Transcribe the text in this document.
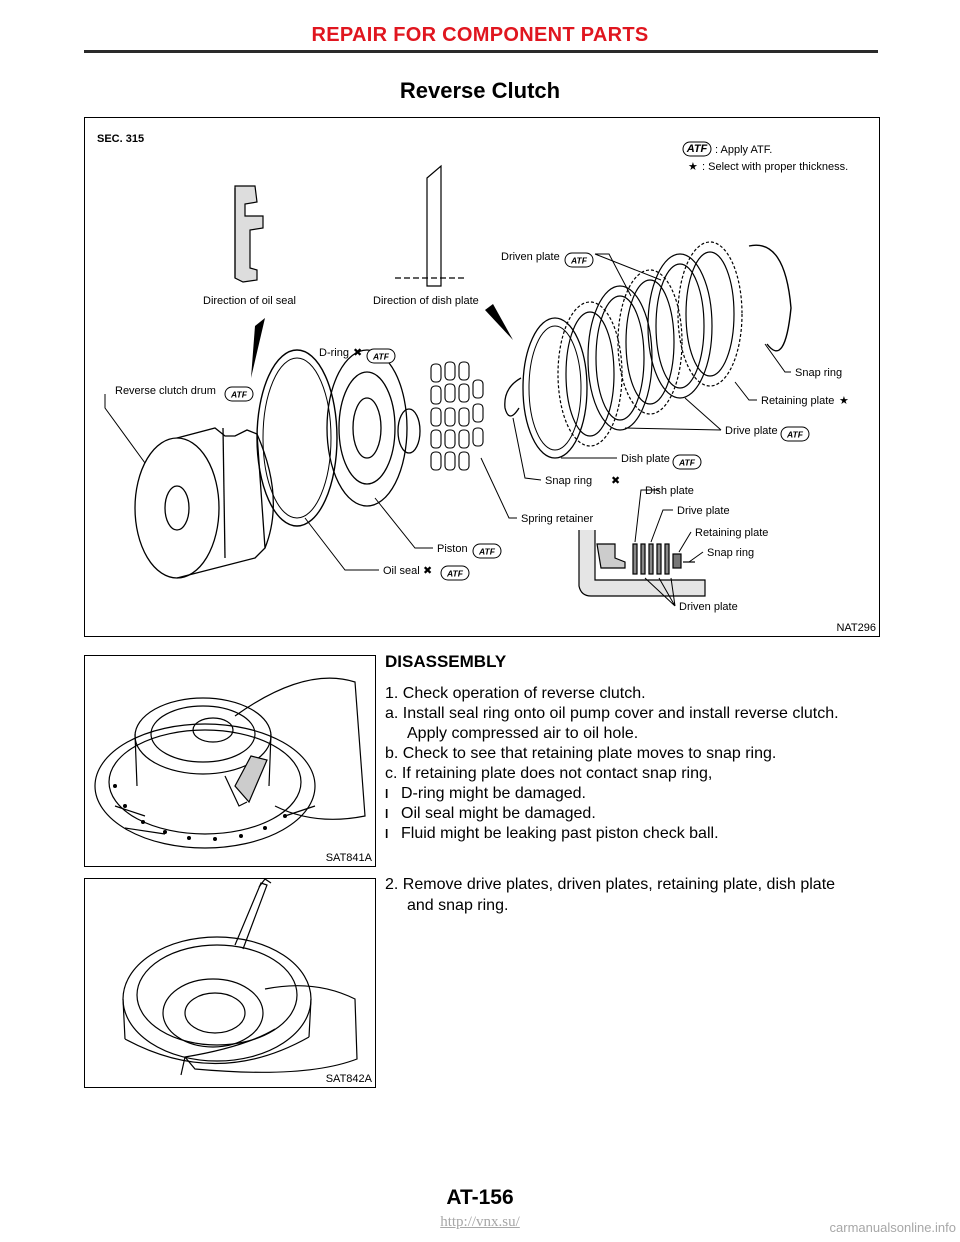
REPAIR FOR COMPONENT PARTS
Reverse Clutch
ATF
SEC. 315
ATF : Apply ATF.
★ : Select with proper thickness.
Direction of oil seal	Direction of dish plate
Reverse clutch drum
D-ring ✖
Driven plate
Snap ring
Retaining plate ★
Drive plate
Dish plate
Snap ring ✖
Spring retainer
Piston
Oil seal ✖
Dish plate
Drive plate
Retaining plate
Snap ring
Driven plate
NAT296
SAT841A
SAT842A
DISASSEMBLY

1. Check operation of reverse clutch.

a. Install seal ring onto oil pump cover and install reverse clutch.

Apply compressed air to oil hole.

b. Check to see that retaining plate moves to snap ring.

c. If retaining plate does not contact snap ring,

l D-ring might be damaged.

l Oil seal might be damaged.

l Fluid might be leaking past piston check ball.

2. Remove drive plates, driven plates, retaining plate, dish plate

and snap ring.

AT-156
http://vnx.su/	carmanualsonline.info
